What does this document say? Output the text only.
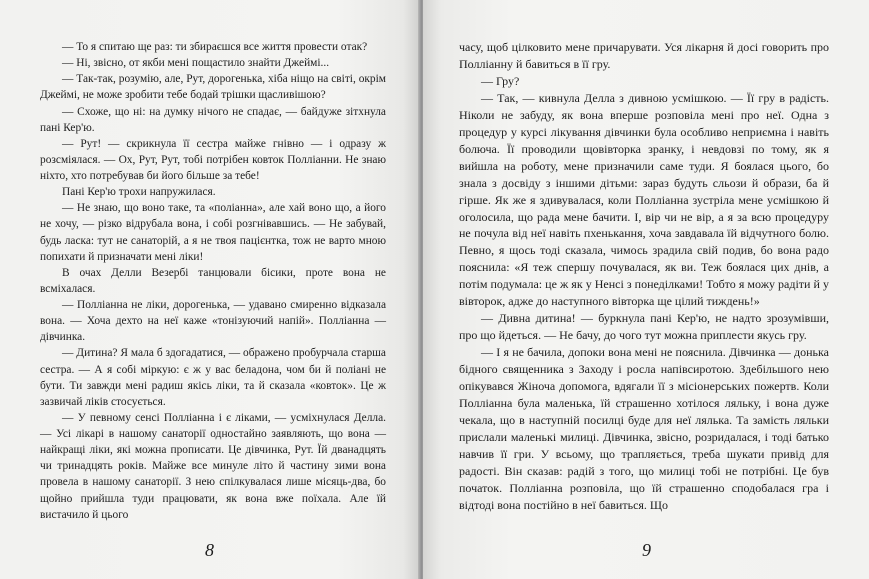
— То я спитаю ще раз: ти збираєшся все життя провести отак?

— Ні, звісно, от якби мені пощастило знайти Джеймі...

— Так-так, розумію, але, Рут, дорогенька, хіба ніщо на світі, окрім Джеймі, не може зробити тебе бодай трішки щасливішою?

— Схоже, що ні: на думку нічого не спадає, — байдуже зітхнула пані Кер'ю.

— Рут! — скрикнула її сестра майже гнівно — і одразу ж розсміялася. — Ох, Рут, Рут, тобі потрібен ковток Полліанни. Не знаю ніхто, хто потребував би його більше за тебе!

Пані Кер'ю трохи напружилася.

— Не знаю, що воно таке, та «поліанна», але хай воно що, а його не хочу, — різко відрубала вона, і собі розгнівавшись. — Не забувай, будь ласка: тут не санаторій, а я не твоя пацієнтка, тож не варто мною попихати й призначати мені ліки!

В очах Делли Везербі танцювали бісики, проте вона не всміхалася.

— Полліанна не ліки, дорогенька, — удавано смиренно відказала вона. — Хоча дехто на неї каже «тонізуючий напій». Полліанна — дівчинка.

— Дитина? Я мала б здогадатися, — ображено пробурчала старша сестра. — А я собі міркую: є ж у вас беладона, чом би й поліані не бути. Ти завжди мені радиш якісь ліки, та й сказала «ковток». Це ж зазвичай ліків стосується.

— У певному сенсі Полліанна і є ліками, — усміхнулася Делла. — Усі лікарі в нашому санаторії одностайно заявляють, що вона — найкращі ліки, які можна прописати. Це дівчинка, Рут. Їй дванадцять чи тринадцять років. Майже все минуле літо й частину зими вона провела в нашому санаторії. З нею спілкувалася лише місяць-два, бо щойно прийшла туди працювати, як вона вже поїхала. Але їй вистачило й цього

8

часу, щоб цілковито мене причарувати. Уся лікарня й досі говорить про Полліанну й бавиться в її гру.

— Гру?

— Так, — кивнула Делла з дивною усмішкою. — Її гру в радість. Ніколи не забуду, як вона вперше розповіла мені про неї. Одна з процедур у курсі лікування дівчинки була особливо неприємна і навіть болюча. Її проводили щовівторка зранку, і невдовзі по тому, як я вийшла на роботу, мене призначили саме туди. Я боялася цього, бо знала з досвіду з іншими дітьми: зараз будуть сльози й образи, ба й гірше. Як же я здивувалася, коли Полліанна зустріла мене усмішкою й оголосила, що рада мене бачити. І, вір чи не вір, а я за всю процедуру не почула від неї навіть пхенькання, хоча завдавала їй відчутного болю. Певно, я щось тоді сказала, чимось зрадила свій подив, бо вона радо пояснила: «Я теж спершу почувалася, як ви. Теж боялася цих днів, а потім подумала: це ж як у Ненсі з понеділками! Тобто я можу радіти й у вівторок, адже до наступного вівторка ще цілий тиждень!»

— Дивна дитина! — буркнула пані Кер'ю, не надто зрозумівши, про що йдеться. — Не бачу, до чого тут можна приплести якусь гру.

— І я не бачила, допоки вона мені не пояснила. Дівчинка — донька бідного священника з Заходу і росла напівсиротою. Здебільшого нею опікувався Жіноча допомога, вдягали її з місіонерських пожертв. Коли Полліанна була маленька, їй страшенно хотілося ляльку, і вона дуже чекала, що в наступній посилці буде для неї лялька. Та замість ляльки прислали маленькі милиці. Дівчинка, звісно, розридалася, і тоді батько навчив її гри. У всьому, що трапляється, треба шукати привід для радості. Він сказав: радій з того, що милиці тобі не потрібні. Це був початок. Полліанна розповіла, що їй страшенно сподобалася гра і відтоді вона постійно в неї бавиться. Що

9
